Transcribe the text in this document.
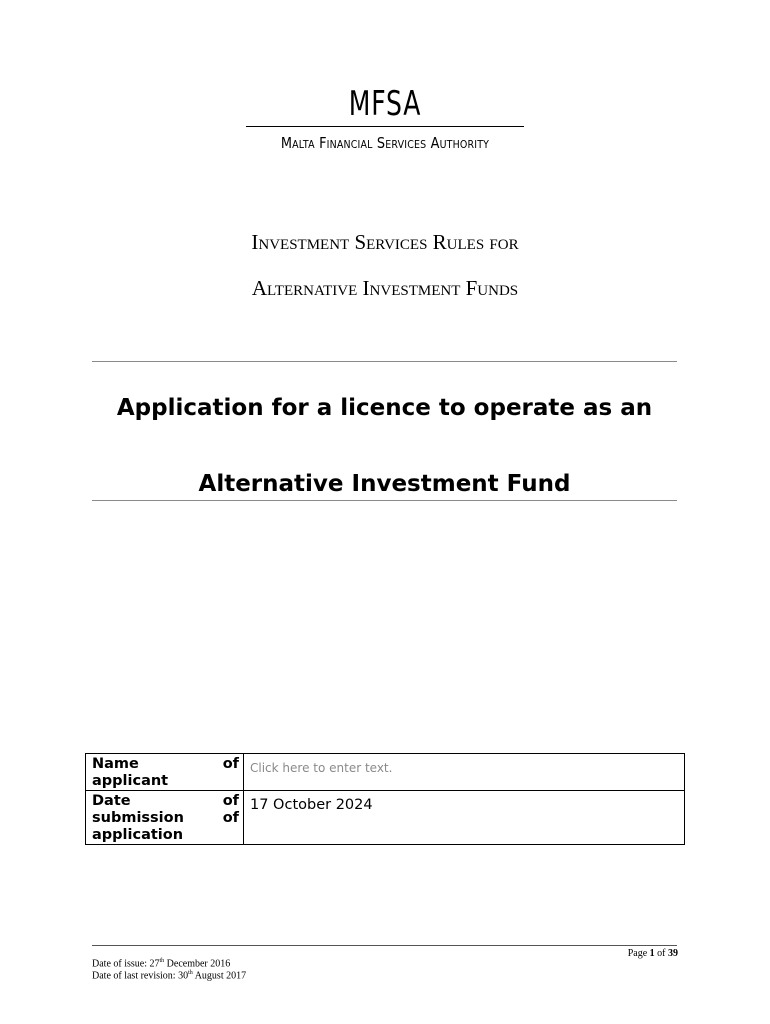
MFSA
Malta Financial Services Authority
Investment Services Rules for
Alternative Investment Funds
Application for a licence to operate as an
Alternative Investment Fund
Name of
applicant	Click here to enter text.

Date of
submission of
application	17 October 2024
Page 1 of 39
Date of issue: 27th December 2016
Date of last revision: 30th August 2017
